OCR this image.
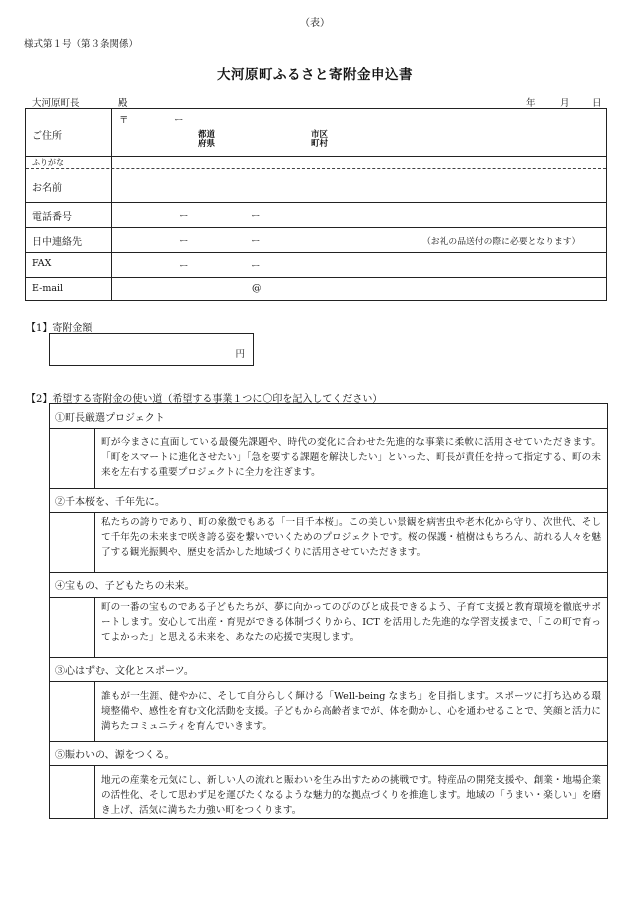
（表）
様式第１号（第３条関係）
大河原町ふるさと寄附金申込書
大河原町長	殿	年	月 日
ご住所
〒	ー
都道
府県
市区
町村
ふりがな
お名前
電話番号	ー	ー
日中連絡先	ー	ー	（お礼の品送付の際に必要となります）
FAX	ー	ー
E-mail	@
【1】寄附金額
円
【2】希望する寄附金の使い道（希望する事業１つに〇印を記入してください）
①町長厳選プロジェクト
町が今まさに直面している最優先課題や、時代の変化に合わせた先進的な事業に柔軟に活用させていただきます。「町をスマートに進化させたい」「急を要する課題を解決したい」といった、町長が責任を持って指定する、町の未来を左右する重要プロジェクトに全力を注ぎます。
②千本桜を、千年先に。
私たちの誇りであり、町の象徴でもある「一目千本桜」。この美しい景観を病害虫や老木化から守り、次世代、そして千年先の未来まで咲き誇る姿を繋いでいくためのプロジェクトです。桜の保護・植樹はもちろん、訪れる人々を魅了する観光振興や、歴史を活かした地域づくりに活用させていただきます。
④宝もの、子どもたちの未来。
町の一番の宝ものである子どもたちが、夢に向かってのびのびと成長できるよう、子育て支援と教育環境を徹底サポートします。安心して出産・育児ができる体制づくりから、ICT を活用した先進的な学習支援まで、「この町で育ってよかった」と思える未来を、あなたの応援で実現します。
③心はずむ、文化とスポーツ。
誰もが一生涯、健やかに、そして自分らしく輝ける「Well-being なまち」を目指します。スポーツに打ち込める環境整備や、感性を育む文化活動を支援。子どもから高齢者までが、体を動かし、心を通わせることで、笑顔と活力に満ちたコミュニティを育んでいきます。
⑤賑わいの、源をつくる。
地元の産業を元気にし、新しい人の流れと賑わいを生み出すための挑戦です。特産品の開発支援や、創業・地場企業の活性化、そして思わず足を運びたくなるような魅力的な拠点づくりを推進します。地域の「うまい・楽しい」を磨き上げ、活気に満ちた力強い町をつくります。
